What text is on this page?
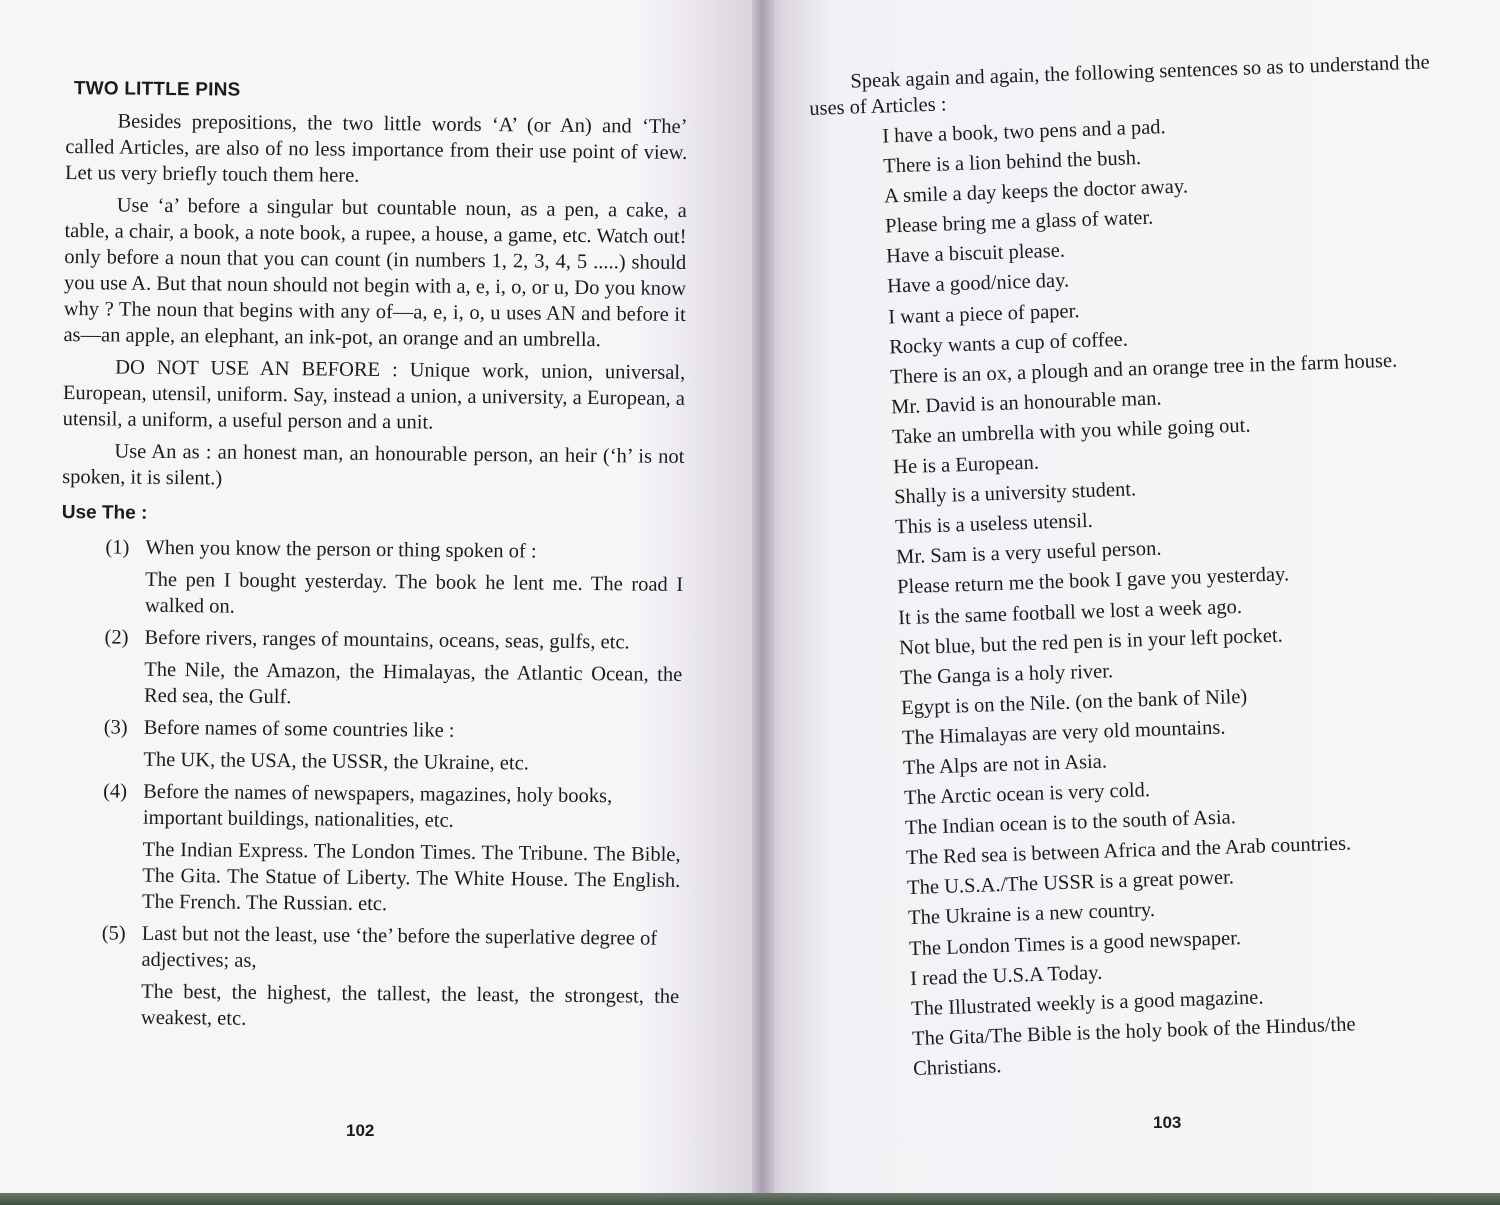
TWO LITTLE PINS

Besides prepositions, the two little words ‘A’ (or An) and ‘The’ called Articles, are also of no less importance from their use point of view. Let us very briefly touch them here.

Use ‘a’ before a singular but countable noun, as a pen, a cake, a table, a chair, a book, a note book, a rupee, a house, a game, etc. Watch out! only before a noun that you can count (in numbers 1, 2, 3, 4, 5 .....) should you use A. But that noun should not begin with a, e, i, o, or u, Do you know why ? The noun that begins with any of—a, e, i, o, u uses AN and before it as—an apple, an elephant, an ink-pot, an orange and an umbrella.

DO NOT USE AN BEFORE : Unique work, union, universal, European, utensil, uniform. Say, instead a union, a university, a European, a utensil, a uniform, a useful person and a unit.

Use An as : an honest man, an honourable person, an heir (‘h’ is not spoken, it is silent.)

Use The :
(1) When you know the person or thing spoken of :
The pen I bought yesterday. The book he lent me. The road I walked on.
(2) Before rivers, ranges of mountains, oceans, seas, gulfs, etc.
The Nile, the Amazon, the Himalayas, the Atlantic Ocean, the Red sea, the Gulf.
(3) Before names of some countries like :
The UK, the USA, the USSR, the Ukraine, etc.
(4) Before the names of newspapers, magazines, holy books, important buildings, nationalities, etc.
The Indian Express. The London Times. The Tribune. The Bible, The Gita. The Statue of Liberty. The White House. The English. The French. The Russian. etc.
(5) Last but not the least, use ‘the’ before the superlative degree of adjectives; as,
The best, the highest, the tallest, the least, the strongest, the weakest, etc.
102

Speak again and again, the following sentences so as to understand the uses of Articles :

I have a book, two pens and a pad.
There is a lion behind the bush.
A smile a day keeps the doctor away.
Please bring me a glass of water.
Have a biscuit please.
Have a good/nice day.
I want a piece of paper.
Rocky wants a cup of coffee.
There is an ox, a plough and an orange tree in the farm house.
Mr. David is an honourable man.
Take an umbrella with you while going out.
He is a European.
Shally is a university student.
This is a useless utensil.
Mr. Sam is a very useful person.
Please return me the book I gave you yesterday.
It is the same football we lost a week ago.
Not blue, but the red pen is in your left pocket.
The Ganga is a holy river.
Egypt is on the Nile. (on the bank of Nile)
The Himalayas are very old mountains.
The Alps are not in Asia.
The Arctic ocean is very cold.
The Indian ocean is to the south of Asia.
The Red sea is between Africa and the Arab countries.
The U.S.A./The USSR is a great power.
The Ukraine is a new country.
The London Times is a good newspaper.
I read the U.S.A Today.
The Illustrated weekly is a good magazine.
The Gita/The Bible is the holy book of the Hindus/the
Christians.
103
